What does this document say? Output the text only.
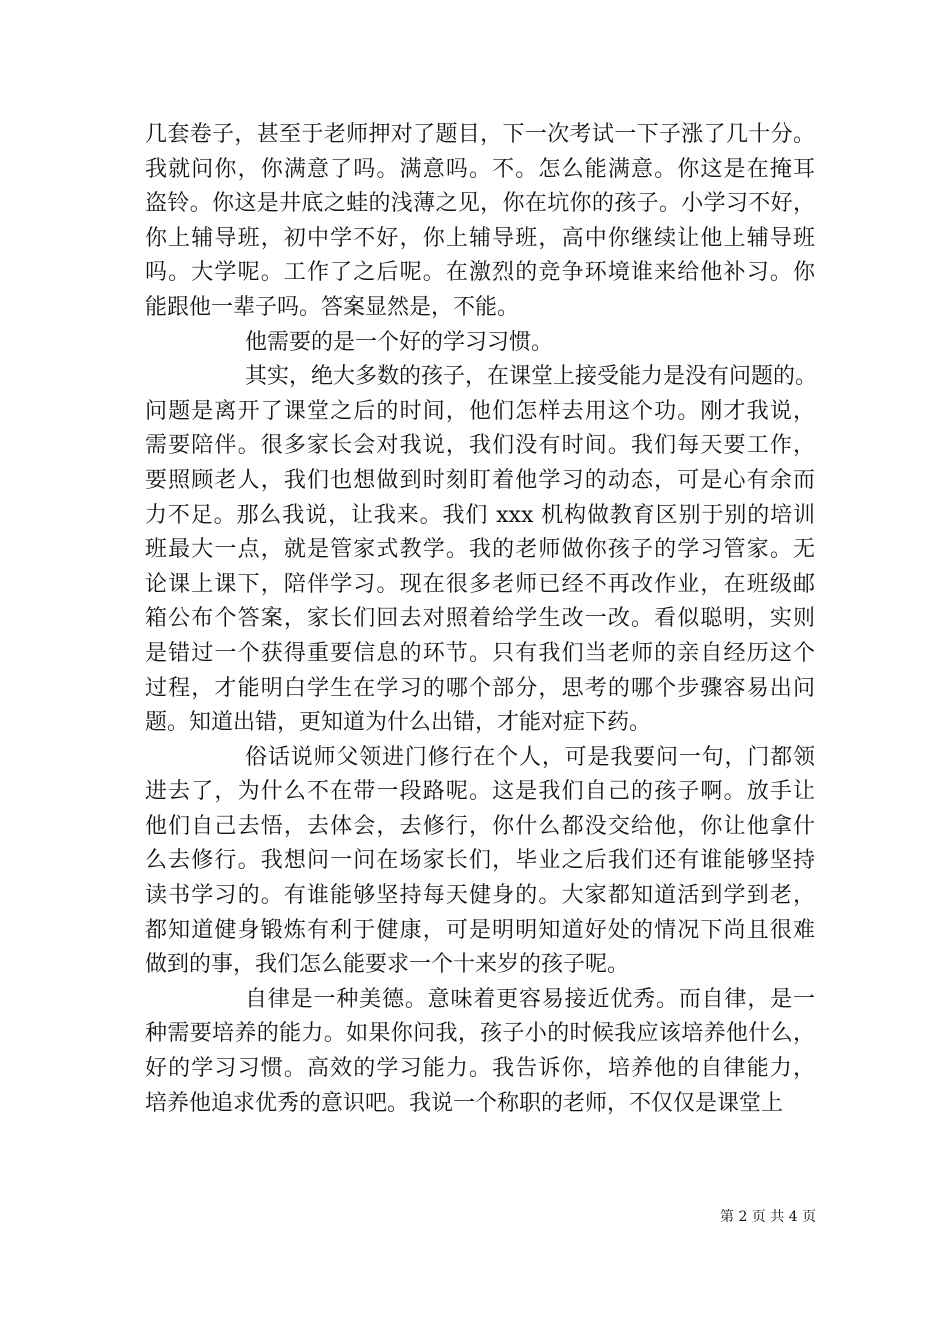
几套卷子，甚至于老师押对了题目，下一次考试一下子涨了几十分。
我就问你，你满意了吗。满意吗。不。怎么能满意。你这是在掩耳
盗铃。你这是井底之蛙的浅薄之见，你在坑你的孩子。小学习不好，
你上辅导班，初中学不好，你上辅导班，高中你继续让他上辅导班
吗。大学呢。工作了之后呢。在激烈的竞争环境谁来给他补习。你
能跟他一辈子吗。答案显然是，不能。
他需要的是一个好的学习习惯。
其实，绝大多数的孩子，在课堂上接受能力是没有问题的。
问题是离开了课堂之后的时间，他们怎样去用这个功。刚才我说，
需要陪伴。很多家长会对我说，我们没有时间。我们每天要工作，
要照顾老人，我们也想做到时刻盯着他学习的动态，可是心有余而
力不足。那么我说，让我来。我们 xxx 机构做教育区别于别的培训
班最大一点，就是管家式教学。我的老师做你孩子的学习管家。无
论课上课下，陪伴学习。现在很多老师已经不再改作业，在班级邮
箱公布个答案，家长们回去对照着给学生改一改。看似聪明，实则
是错过一个获得重要信息的环节。只有我们当老师的亲自经历这个
过程，才能明白学生在学习的哪个部分，思考的哪个步骤容易出问
题。知道出错，更知道为什么出错，才能对症下药。
俗话说师父领进门修行在个人，可是我要问一句，门都领
进去了，为什么不在带一段路呢。这是我们自己的孩子啊。放手让
他们自己去悟，去体会，去修行，你什么都没交给他，你让他拿什
么去修行。我想问一问在场家长们，毕业之后我们还有谁能够坚持
读书学习的。有谁能够坚持每天健身的。大家都知道活到学到老，
都知道健身锻炼有利于健康，可是明明知道好处的情况下尚且很难
做到的事，我们怎么能要求一个十来岁的孩子呢。
自律是一种美德。意味着更容易接近优秀。而自律，是一
种需要培养的能力。如果你问我，孩子小的时候我应该培养他什么，
好的学习习惯。高效的学习能力。我告诉你，培养他的自律能力，
培养他追求优秀的意识吧。我说一个称职的老师，不仅仅是课堂上
第 2 页 共 4 页
